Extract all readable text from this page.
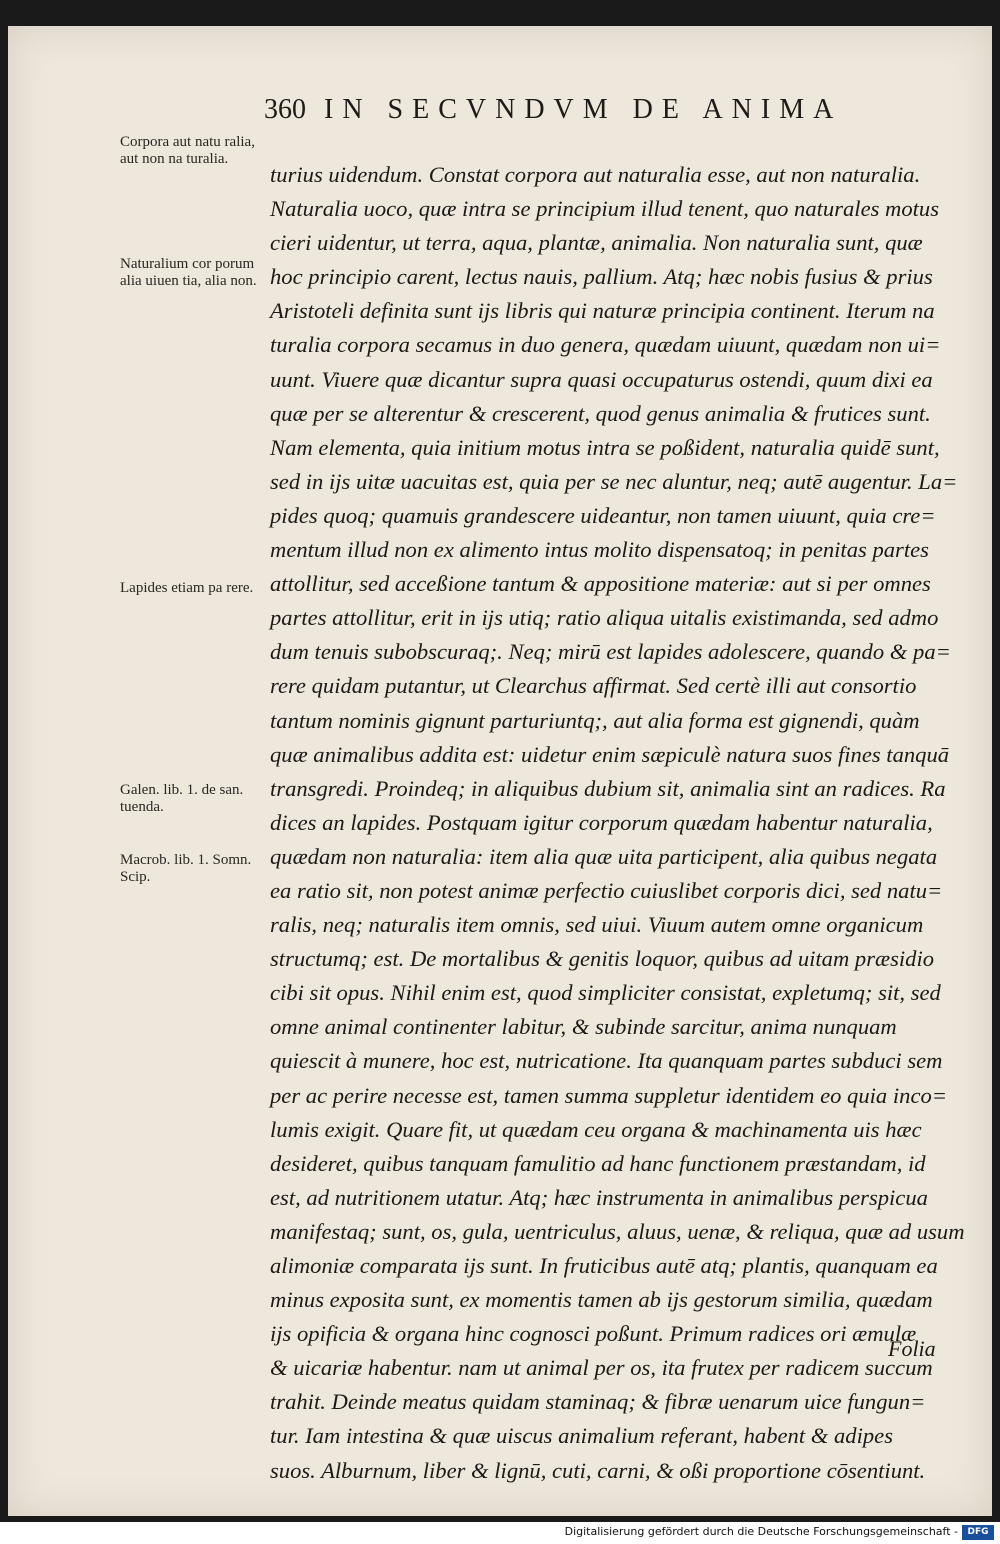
360 IN SECVNDVM DE ANIMA
Corpora aut natu ralia, aut non na turalia.
Naturalium cor porum alia uiuen tia, alia non.
Lapides etiam pa rere.
Galen. lib. 1. de san. tuenda.
Macrob. lib. 1. Somn. Scip.
turius uidendum. Constat corpora aut naturalia esse, aut non naturalia.
Naturalia uoco, quæ intra se principium illud tenent, quo naturales motus
cieri uidentur, ut terra, aqua, plantæ, animalia. Non naturalia sunt, quæ
hoc principio carent, lectus nauis, pallium. Atq; hæc nobis fusius & prius
Aristoteli definita sunt ijs libris qui naturæ principia continent. Iterum na
turalia corpora secamus in duo genera, quædam uiuunt, quædam non ui=
uunt. Viuere quæ dicantur supra quasi occupaturus ostendi, quum dixi ea
quæ per se alterentur & crescerent, quod genus animalia & frutices sunt.
Nam elementa, quia initium motus intra se poßident, naturalia quidē sunt,
sed in ijs uitæ uacuitas est, quia per se nec aluntur, neq; autē augentur. La=
pides quoq; quamuis grandescere uideantur, non tamen uiuunt, quia cre=
mentum illud non ex alimento intus molito dispensatoq; in penitas partes
attollitur, sed acceßione tantum & appositione materiæ: aut si per omnes
partes attollitur, erit in ijs utiq; ratio aliqua uitalis existimanda, sed admo
dum tenuis subobscuraq;. Neq; mirū est lapides adolescere, quando & pa=
rere quidam putantur, ut Clearchus affirmat. Sed certè illi aut consortio
tantum nominis gignunt parturiuntq;, aut alia forma est gignendi, quàm
quæ animalibus addita est: uidetur enim sæpiculè natura suos fines tanquā
transgredi. Proindeq; in aliquibus dubium sit, animalia sint an radices. Ra
dices an lapides. Postquam igitur corporum quædam habentur naturalia,
quædam non naturalia: item alia quæ uita participent, alia quibus negata
ea ratio sit, non potest animæ perfectio cuiuslibet corporis dici, sed natu=
ralis, neq; naturalis item omnis, sed uiui. Viuum autem omne organicum
structumq; est. De mortalibus & genitis loquor, quibus ad uitam præsidio
cibi sit opus. Nihil enim est, quod simpliciter consistat, expletumq; sit, sed
omne animal continenter labitur, & subinde sarcitur, anima nunquam
quiescit à munere, hoc est, nutricatione. Ita quanquam partes subduci sem
per ac perire necesse est, tamen summa suppletur identidem eo quia inco=
lumis exigit. Quare fit, ut quædam ceu organa & machinamenta uis hæc
desideret, quibus tanquam famulitio ad hanc functionem præstandam, id
est, ad nutritionem utatur. Atq; hæc instrumenta in animalibus perspicua
manifestaq; sunt, os, gula, uentriculus, aluus, uenæ, & reliqua, quæ ad usum
alimoniæ comparata ijs sunt. In fruticibus autē atq; plantis, quanquam ea
minus exposita sunt, ex momentis tamen ab ijs gestorum similia, quædam
ijs opificia & organa hinc cognosci poßunt. Primum radices ori æmulæ
& uicariæ habentur. nam ut animal per os, ita frutex per radicem succum
trahit. Deinde meatus quidam staminaq; & fibræ uenarum uice fungun=
tur. Iam intestina & quæ uiscus animalium referant, habent & adipes
suos. Alburnum, liber & lignū, cuti, carni, & oßi proportione cōsentiunt.
Folia
Digitalisierung gefördert durch die Deutsche Forschungsgemeinschaft -	DFG
